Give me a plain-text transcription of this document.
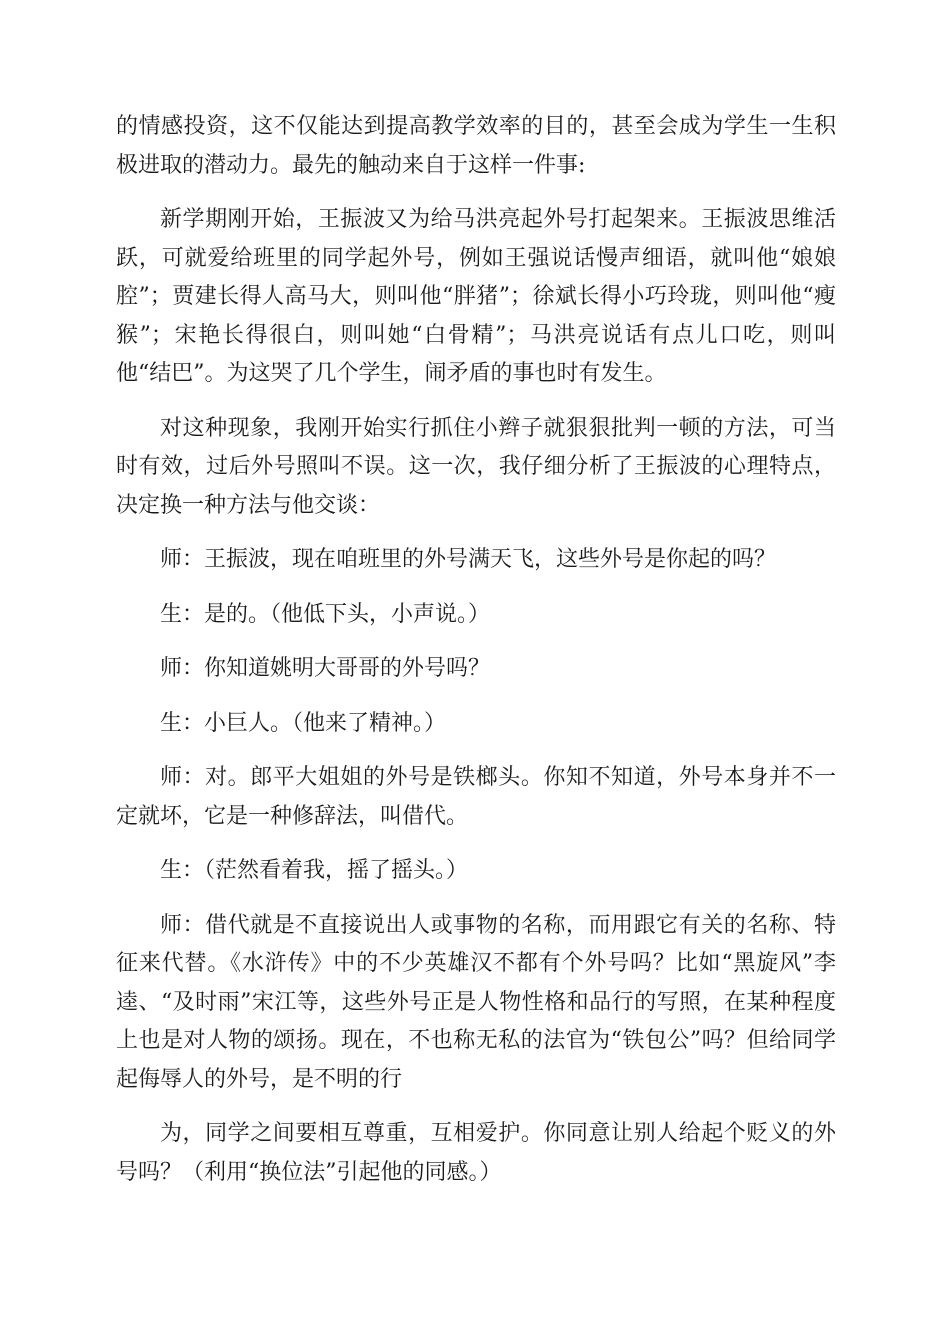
的情感投资，这不仅能达到提高教学效率的目的，甚至会成为学生一生积极进取的潜动力。最先的触动来自于这样一件事:

新学期刚开始，王振波又为给马洪亮起外号打起架来。王振波思维活跃，可就爱给班里的同学起外号，例如王强说话慢声细语，就叫他“娘娘腔”；贾建长得人高马大，则叫他“胖猪”；徐斌长得小巧玲珑，则叫他“瘦猴”；宋艳长得很白，则叫她“白骨精”；马洪亮说话有点儿口吃，则叫他“结巴”。为这哭了几个学生，闹矛盾的事也时有发生。

对这种现象，我刚开始实行抓住小辫子就狠狠批判一顿的方法，可当时有效，过后外号照叫不误。这一次，我仔细分析了王振波的心理特点，决定换一种方法与他交谈：

师：王振波，现在咱班里的外号满天飞，这些外号是你起的吗？

生：是的。（他低下头，小声说。）

师：你知道姚明大哥哥的外号吗？

生：小巨人。（他来了精神。）

师：对。郎平大姐姐的外号是铁榔头。你知不知道，外号本身并不一定就坏，它是一种修辞法，叫借代。

生：（茫然看着我，摇了摇头。）

师：借代就是不直接说出人或事物的名称，而用跟它有关的名称、特征来代替。《水浒传》中的不少英雄汉不都有个外号吗？比如“黑旋风”李逵、“及时雨”宋江等，这些外号正是人物性格和品行的写照，在某种程度上也是对人物的颂扬。现在，不也称无私的法官为“铁包公”吗？但给同学起侮辱人的外号，是不明的行

为，同学之间要相互尊重，互相爱护。你同意让别人给起个贬义的外号吗？（利用“换位法”引起他的同感。）
